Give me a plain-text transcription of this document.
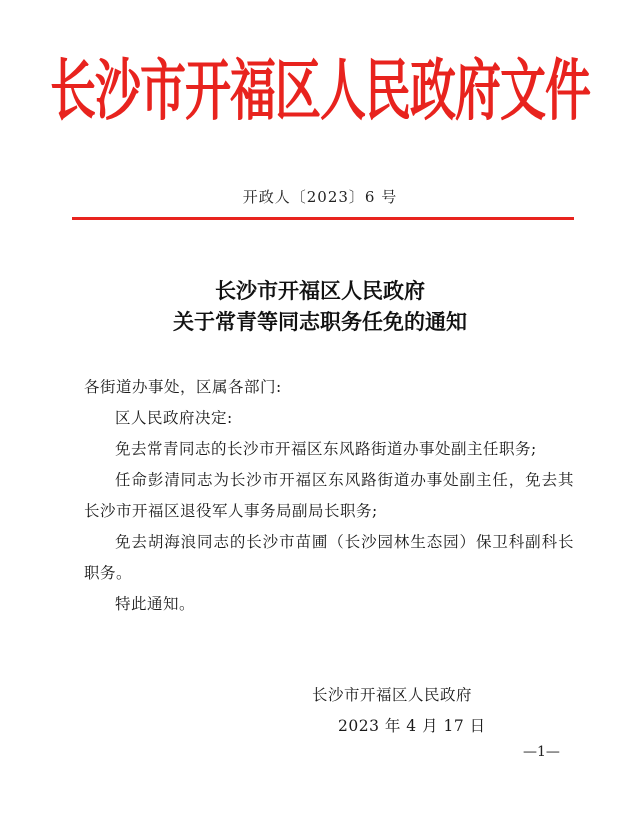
长沙市开福区人民政府文件
开政人〔2023〕6 号
长沙市开福区人民政府
关于常青等同志职务任免的通知

各街道办事处，区属各部门:

区人民政府决定:

免去常青同志的长沙市开福区东风路街道办事处副主任职务;

任命彭清同志为长沙市开福区东风路街道办事处副主任，免去其长沙市开福区退役军人事务局副局长职务;

免去胡海浪同志的长沙市苗圃（长沙园林生态园）保卫科副科长职务。

特此通知。

长沙市开福区人民政府
2023 年 4 月 17 日
—1—
